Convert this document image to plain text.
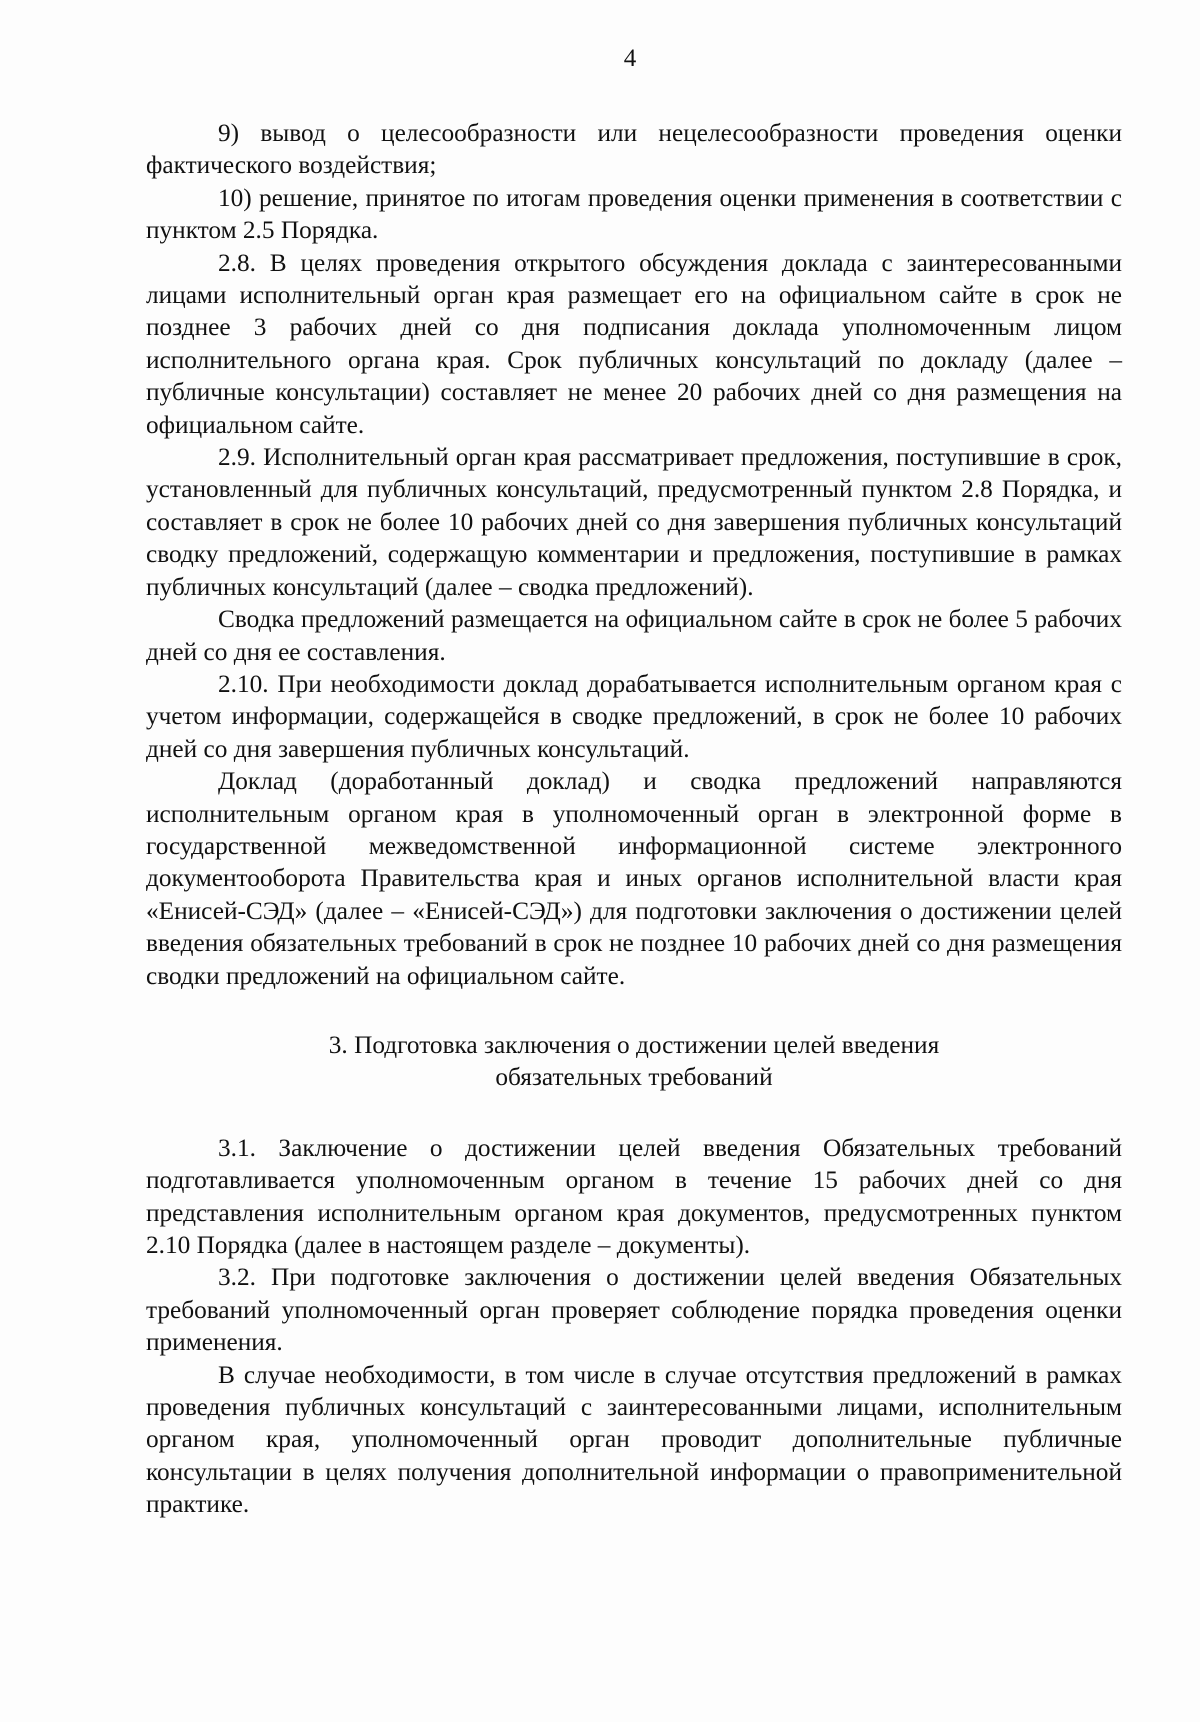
4

9) вывод о целесообразности или нецелесообразности проведения оценки фактического воздействия;

10) решение, принятое по итогам проведения оценки применения в соответствии с пунктом 2.5 Порядка.

2.8. В целях проведения открытого обсуждения доклада с заинтересованными лицами исполнительный орган края размещает его на официальном сайте в срок не позднее 3 рабочих дней со дня подписания доклада уполномоченным лицом исполнительного органа края. Срок публичных консультаций по докладу (далее – публичные консультации) составляет не менее 20 рабочих дней со дня размещения на официальном сайте.

2.9. Исполнительный орган края рассматривает предложения, поступившие в срок, установленный для публичных консультаций, предусмотренный пунктом 2.8 Порядка, и составляет в срок не более 10 рабочих дней со дня завершения публичных консультаций сводку предложений, содержащую комментарии и предложения, поступившие в рамках публичных консультаций (далее – сводка предложений).

Сводка предложений размещается на официальном сайте в срок не более 5 рабочих дней со дня ее составления.

2.10. При необходимости доклад дорабатывается исполнительным органом края с учетом информации, содержащейся в сводке предложений, в срок не более 10 рабочих дней со дня завершения публичных консультаций.

Доклад (доработанный доклад) и сводка предложений направляются исполнительным органом края в уполномоченный орган в электронной форме в государственной межведомственной информационной системе электронного документооборота Правительства края и иных органов исполнительной власти края «Енисей-СЭД» (далее – «Енисей-СЭД») для подготовки заключения о достижении целей введения обязательных требований в срок не позднее 10 рабочих дней со дня размещения сводки предложений на официальном сайте.

3. Подготовка заключения о достижении целей введения
обязательных требований

3.1. Заключение о достижении целей введения Обязательных требований подготавливается уполномоченным органом в течение 15 рабочих дней со дня представления исполнительным органом края документов, предусмотренных пунктом 2.10 Порядка (далее в настоящем разделе – документы).

3.2. При подготовке заключения о достижении целей введения Обязательных требований уполномоченный орган проверяет соблюдение порядка проведения оценки применения.

В случае необходимости, в том числе в случае отсутствия предложений в рамках проведения публичных консультаций с заинтересованными лицами, исполнительным органом края, уполномоченный орган проводит дополнительные публичные консультации в целях получения дополнительной информации о правоприменительной практике.
